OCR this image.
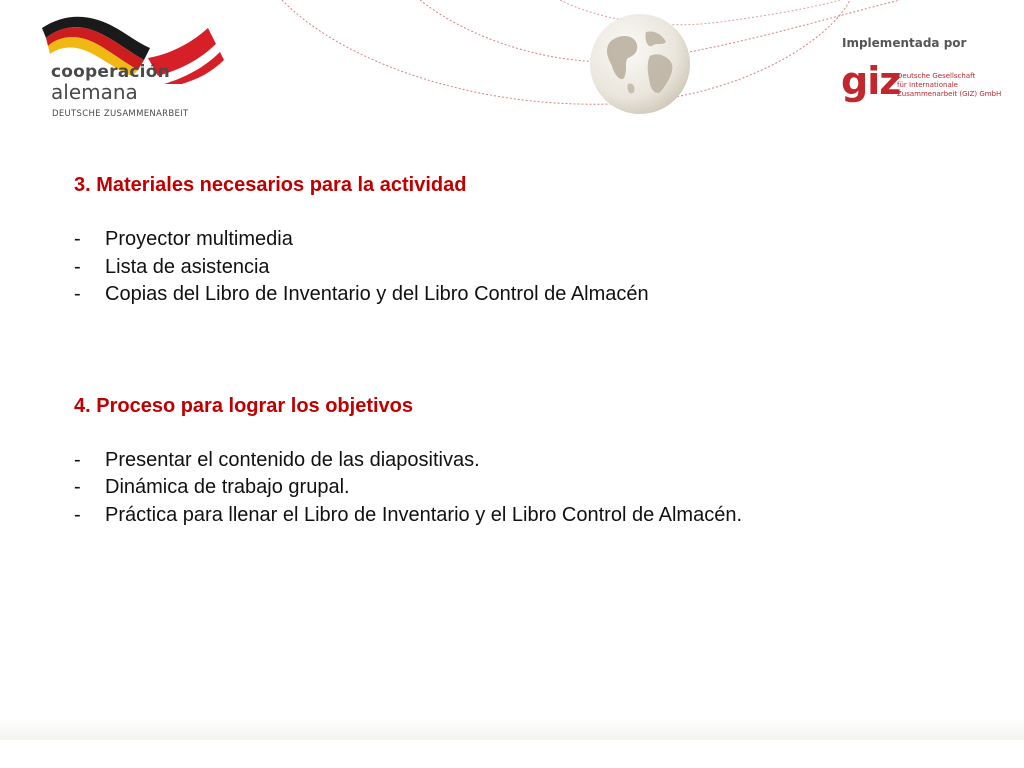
cooperación
alemana
DEUTSCHE ZUSAMMENARBEIT
Implementada por
giz
Deutsche Gesellschaft
für Internationale
Zusammenarbeit (GIZ) GmbH
3. Materiales necesarios para la actividad
- Proyector multimedia
- Lista de asistencia
- Copias del Libro de Inventario y del Libro Control de Almacén
4. Proceso para lograr los objetivos
- Presentar el contenido de las diapositivas.
- Dinámica de trabajo grupal.
- Práctica para llenar el Libro de Inventario y el Libro Control de Almacén.
